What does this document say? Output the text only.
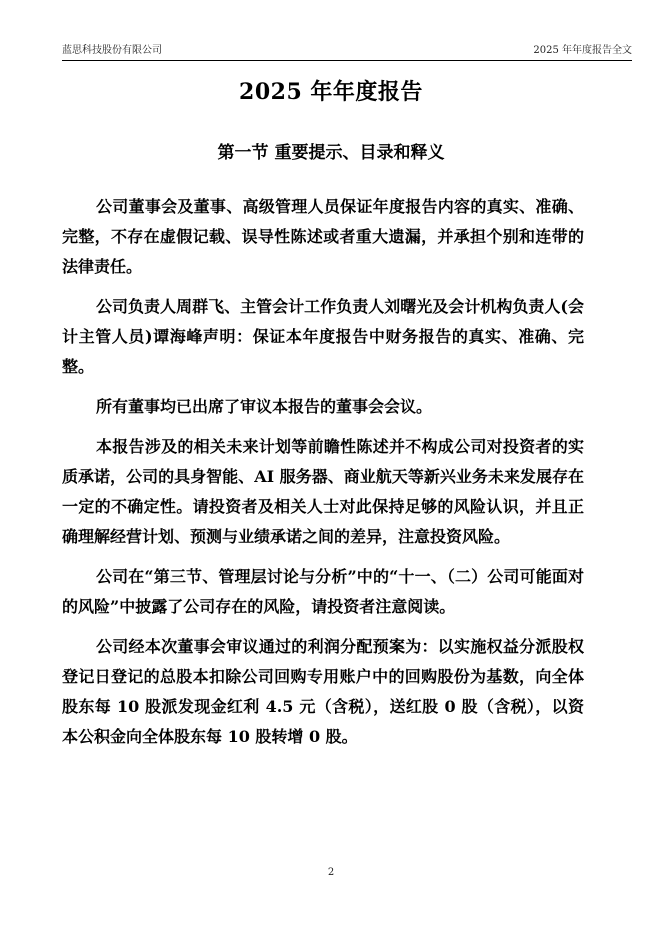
蓝思科技股份有限公司	2025 年年度报告全文
2025 年年度报告
第一节 重要提示、目录和释义

公司董事会及董事、高级管理人员保证年度报告内容的真实、准确、完整，不存在虚假记载、误导性陈述或者重大遗漏，并承担个别和连带的法律责任。

公司负责人周群飞、主管会计工作负责人刘曙光及会计机构负责人(会计主管人员)谭海峰声明：保证本年度报告中财务报告的真实、准确、完整。

所有董事均已出席了审议本报告的董事会会议。

本报告涉及的相关未来计划等前瞻性陈述并不构成公司对投资者的实质承诺，公司的具身智能、AI 服务器、商业航天等新兴业务未来发展存在一定的不确定性。请投资者及相关人士对此保持足够的风险认识，并且正确理解经营计划、预测与业绩承诺之间的差异，注意投资风险。

公司在“第三节、管理层讨论与分析”中的“十一、（二）公司可能面对的风险”中披露了公司存在的风险，请投资者注意阅读。

公司经本次董事会审议通过的利润分配预案为：以实施权益分派股权登记日登记的总股本扣除公司回购专用账户中的回购股份为基数，向全体股东每 10 股派发现金红利 4.5 元（含税），送红股 0 股（含税），以资本公积金向全体股东每 10 股转增 0 股。

2
